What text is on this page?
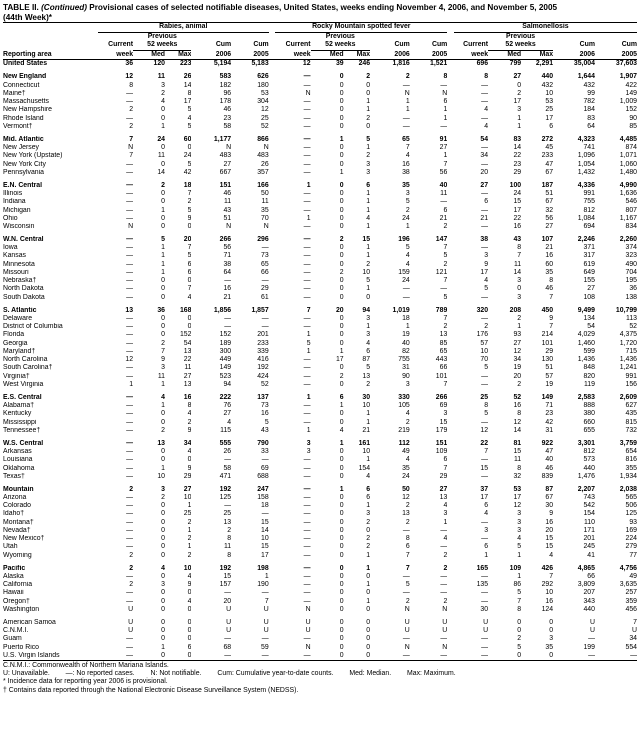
TABLE II. (Continued) Provisional cases of selected notifiable diseases, United States, weeks ending November 4, 2006, and November 5, 2005
(44th Week)*
	Rabies, animal						Rocky Mountain spotted fever						Salmonellosis				
		Previous						Previous						Previous			
	Current	52 weeks		Cum	Cum		Current	52 weeks		Cum	Cum		Current	52 weeks		Cum	Cum
Reporting area	week	Med	Max	2006	2005		week	Med	Max	2006	2005		week	Med	Max	2006	2005
United States	36	120	223	5,194	5,183		12	39	246	1,816	1,521		696	799	2,291	35,004	37,603

New England	12	11	26	583	626		—	0	2	2	8		8	27	440	1,644	1,907
Connecticut	8	3	14	182	180		—	0	0	—	—		—	0	432	432	422
Maine†	—	2	8	96	53		N	0	0	N	N		—	2	10	99	149
Massachusetts	—	4	17	178	304		—	0	1	1	6		—	17	53	782	1,009
New Hampshire	2	0	5	46	12		—	0	1	1	1		4	3	25	184	152
Rhode Island	—	0	4	23	25		—	0	2	—	1		—	1	17	83	90
Vermont†	2	1	5	58	52		—	0	0	—	—		4	1	6	64	85

Mid. Atlantic	7	24	60	1,177	866		—	1	5	65	91		54	83	272	4,323	4,485
New Jersey	N	0	0	N	N		—	0	1	7	27		—	14	45	741	874
New York (Upstate)	7	11	24	483	483		—	0	2	4	1		34	22	233	1,096	1,071
New York City	—	0	5	27	26		—	0	3	16	7		—	23	47	1,054	1,060
Pennsylvania	—	14	42	667	357		—	1	3	38	56		20	29	67	1,432	1,480

E.N. Central	—	2	18	151	166		1	0	6	35	40		27	100	187	4,336	4,990
Illinois	—	0	7	46	50		—	0	1	3	11		—	24	51	991	1,636
Indiana	—	0	2	11	11		—	0	1	5	—		6	15	67	755	546
Michigan	—	1	5	43	35		—	0	1	2	6		—	17	32	812	807
Ohio	—	0	9	51	70		1	0	4	24	21		21	22	56	1,084	1,167
Wisconsin	N	0	0	N	N		—	0	1	1	2		—	16	27	694	834

W.N. Central	—	5	20	266	296		—	2	15	196	147		38	43	107	2,246	2,260
Iowa	—	1	7	56	—		—	0	1	5	7		—	8	21	371	374
Kansas	—	1	5	71	73		—	0	1	4	5		3	7	16	317	323
Minnesota	—	1	6	38	65		—	0	2	4	2		9	11	60	619	490
Missouri	—	1	6	64	66		—	2	10	159	121		17	14	35	649	704
Nebraska†	—	0	0	—	—		—	0	5	24	7		4	3	8	155	195
North Dakota	—	0	7	16	29		—	0	1	—	—		5	0	46	27	36
South Dakota	—	0	4	21	61		—	0	0	—	5		—	3	7	108	138

S. Atlantic	13	36	168	1,856	1,857		7	20	94	1,019	789		320	208	450	9,499	10,799
Delaware	—	0	0	—	—		—	0	3	18	7		—	2	9	134	113
District of Columbia	—	0	0	—	—		—	0	1	1	2		2	1	7	54	52
Florida	—	0	152	152	201		1	0	3	19	13		176	93	214	4,029	4,375
Georgia	—	2	54	189	233		5	0	4	40	85		57	27	101	1,460	1,720
Maryland†	—	7	13	300	339		1	1	6	82	65		10	12	29	599	715
North Carolina	12	9	22	449	416		—	17	87	755	443		70	34	130	1,436	1,436
South Carolina†	—	3	11	149	192		—	0	5	31	66		5	19	51	848	1,241
Virginia†	—	11	27	523	424		—	2	13	90	101		—	20	57	820	991
West Virginia	1	1	13	94	52		—	0	2	3	7		—	2	19	119	156

E.S. Central	—	4	16	222	137		1	6	30	330	266		25	52	149	2,583	2,609
Alabama†	—	1	8	76	73		—	1	10	105	69		8	16	71	888	627
Kentucky	—	0	4	27	16		—	0	1	4	3		5	8	23	380	435
Mississippi	—	0	2	4	5		—	0	1	2	15		—	12	42	660	815
Tennessee†	—	2	9	115	43		1	4	21	219	179		12	14	31	655	732

W.S. Central	—	13	34	555	790		3	1	161	112	151		22	81	922	3,301	3,759
Arkansas	—	0	4	26	33		3	0	10	49	109		7	15	47	812	654
Louisiana	—	0	0	—	—		—	0	1	4	6		—	11	40	573	816
Oklahoma	—	1	9	58	69		—	0	154	35	7		15	8	46	440	355
Texas†	—	10	29	471	688		—	0	4	24	29		—	32	839	1,476	1,934

Mountain	2	3	27	192	247		—	1	6	50	27		37	53	87	2,207	2,038
Arizona	—	2	10	125	158		—	0	6	12	13		17	17	67	743	565
Colorado	—	0	1	—	18		—	0	1	2	4		6	12	30	542	506
Idaho†	—	0	25	25	—		—	0	3	13	3		4	3	9	154	125
Montana†	—	0	2	13	15		—	0	2	2	1		—	3	16	110	93
Nevada†	—	0	1	2	14		—	0	0	—	—		3	3	20	171	169
New Mexico†	—	0	2	8	10		—	0	2	8	4		—	4	15	201	224
Utah	—	0	1	11	15		—	0	2	6	—		6	5	15	245	279
Wyoming	2	0	2	8	17		—	0	1	7	2		1	1	4	41	77

Pacific	2	4	10	192	198		—	0	1	7	2		165	109	426	4,865	4,756
Alaska	—	0	4	15	1		—	0	0	—	—		—	1	7	66	49
California	2	3	9	157	190		—	0	1	5	—		135	86	292	3,809	3,635
Hawaii	—	0	0	—	—		—	0	0	—	—		—	5	10	207	257
Oregon†	—	0	4	20	7		—	0	1	2	2		—	7	16	343	359
Washington	U	0	0	U	U		N	0	0	N	N		30	8	124	440	456

American Samoa	U	0	0	U	U		U	0	0	U	U		U	0	0	U	7
C.N.M.I.	U	0	0	U	U		U	0	0	U	U		U	0	0	U	U
Guam	—	0	0	—	—		—	0	0	—	—		—	2	3	—	34
Puerto Rico	—	1	6	68	59		N	0	0	N	N		—	5	35	199	554
U.S. Virgin Islands	—	0	0	—	—		—	0	0	—	—		—	0	0	—	—
C.N.M.I.: Commonwealth of Northern Mariana Islands.
U: Unavailable. —: No reported cases. N: Not notifiable. Cum: Cumulative year-to-date counts. Med: Median. Max: Maximum.
* Incidence data for reporting year 2006 is provisional.
† Contains data reported through the National Electronic Disease Surveillance System (NEDSS).
